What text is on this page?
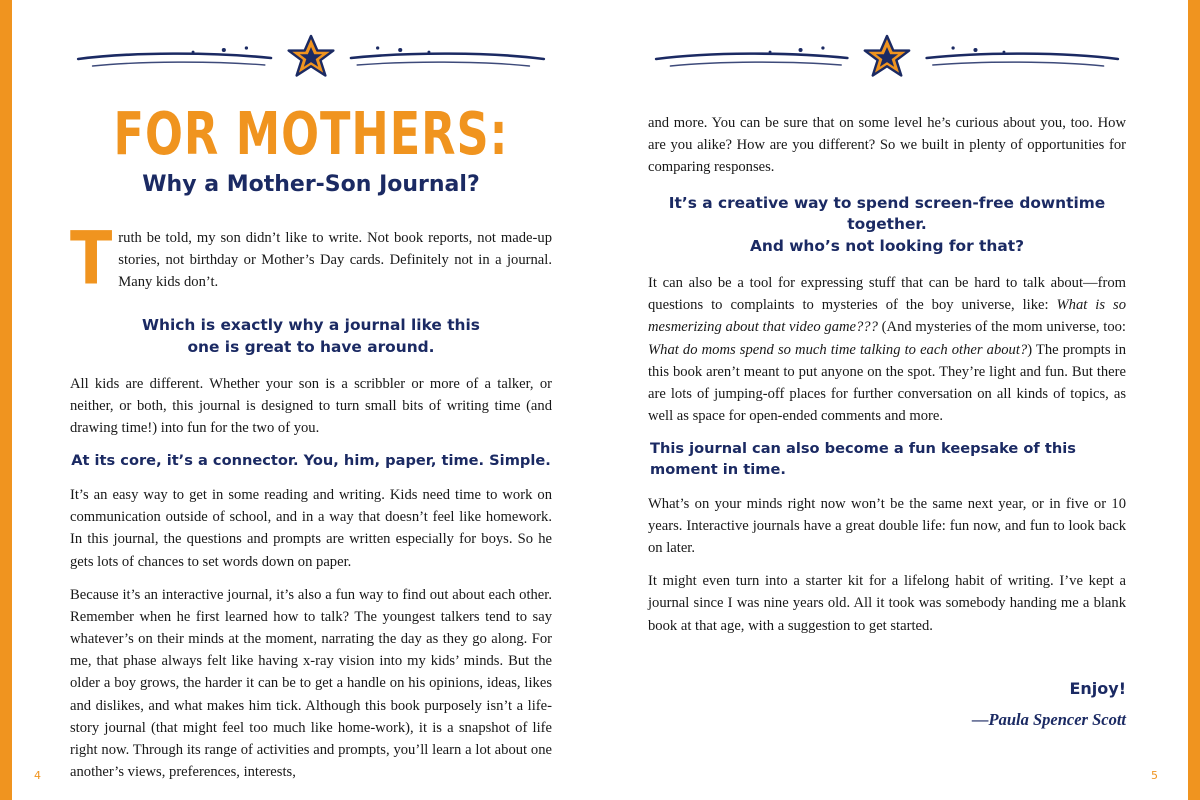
FOR MOTHERS:
Why a Mother-Son Journal?

Truth be told, my son didn’t like to write. Not book reports, not made-up stories, not birthday or Mother’s Day cards. Definitely not in a journal. Many kids don’t.

Which is exactly why a journal like this
one is great to have around.

All kids are different. Whether your son is a scribbler or more of a talker, or neither, or both, this journal is designed to turn small bits of writing time (and drawing time!) into fun for the two of you.

At its core, it’s a connector. You, him, paper, time. Simple.

It’s an easy way to get in some reading and writing. Kids need time to work on communication outside of school, and in a way that doesn’t feel like homework. In this journal, the questions and prompts are written especially for boys. So he gets lots of chances to set words down on paper.

Because it’s an interactive journal, it’s also a fun way to find out about each other. Remember when he first learned how to talk? The youngest talkers tend to say whatever’s on their minds at the moment, narrating the day as they go along. For me, that phase always felt like having x-ray vision into my kids’ minds. But the older a boy grows, the harder it can be to get a handle on his opinions, ideas, likes and dislikes, and what makes him tick. Although this book purposely isn’t a life-story journal (that might feel too much like home-work), it is a snapshot of life right now. Through its range of activities and prompts, you’ll learn a lot about one another’s views, preferences, interests,

4

and more. You can be sure that on some level he’s curious about you, too. How are you alike? How are you different? So we built in plenty of opportunities for comparing responses.

It’s a creative way to spend screen-free downtime together.
And who’s not looking for that?

It can also be a tool for expressing stuff that can be hard to talk about—from questions to complaints to mysteries of the boy universe, like: What is so mesmerizing about that video game??? (And mysteries of the mom universe, too: What do moms spend so much time talking to each other about?) The prompts in this book aren’t meant to put anyone on the spot. They’re light and fun. But there are lots of jumping-off places for further conversation on all kinds of topics, as well as space for open-ended comments and more.

This journal can also become a fun keepsake of this moment in time.

What’s on your minds right now won’t be the same next year, or in five or 10 years. Interactive journals have a great double life: fun now, and fun to look back on later.

It might even turn into a starter kit for a lifelong habit of writing. I’ve kept a journal since I was nine years old. All it took was somebody handing me a blank book at that age, with a suggestion to get started.

Enjoy!
—Paula Spencer Scott
5
